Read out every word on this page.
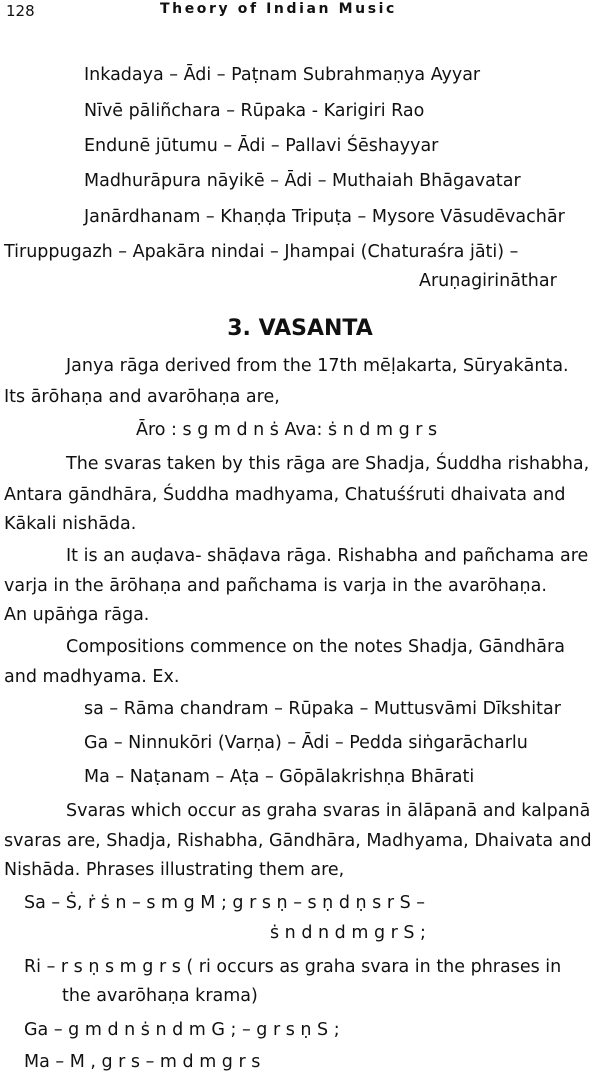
128	Theory of Indian Music
Inkadaya – Ādi – Paṭnam Subrahmaṇya Ayyar
Nīvē pāliñchara – Rūpaka - Karigiri Rao
Endunē jūtumu – Ādi – Pallavi Śēshayyar
Madhurāpura nāyikē – Ādi – Muthaiah Bhāgavatar
Janārdhanam – Khaṇḍa Tripuṭa – Mysore Vāsudēvachār
Tiruppugazh – Apakāra nindai – Jhampai (Chaturaśra jāti) –
Aruṇagirināthar
3. VASANTA
Janya rāga derived from the 17th mēḷakarta, Sūryakānta.
Its ārōhaṇa and avarōhaṇa are,
Āro : s g m d n ṡ Ava: ṡ n d m g r s
The svaras taken by this rāga are Shadja, Śuddha rishabha,
Antara gāndhāra, Śuddha madhyama, Chatuśśruti dhaivata and
Kākali nishāda.
It is an auḍava- shāḍava rāga. Rishabha and pañchama are
varja in the ārōhaṇa and pañchama is varja in the avarōhaṇa.
An upāṅga rāga.
Compositions commence on the notes Shadja, Gāndhāra
and madhyama. Ex.
sa – Rāma chandram – Rūpaka – Muttusvāmi Dīkshitar
Ga – Ninnukōri (Varṇa) – Ādi – Pedda siṅgarācharlu
Ma – Naṭanam – Aṭa – Gōpālakrishṇa Bhārati
Svaras which occur as graha svaras in ālāpanā and kalpanā
svaras are, Shadja, Rishabha, Gāndhāra, Madhyama, Dhaivata and
Nishāda. Phrases illustrating them are,
Sa – Ṡ, ṙ ṡ n – s m g M ; g r s ṇ – s ṇ d ṇ s r S –
ṡ n d n d m g r S ;
Ri – r s ṇ s m g r s ( ri occurs as graha svara in the phrases in
the avarōhaṇa krama)
Ga – g m d n ṡ n d m G ; – g r s ṇ S ;
Ma – M , g r s – m d m g r s
